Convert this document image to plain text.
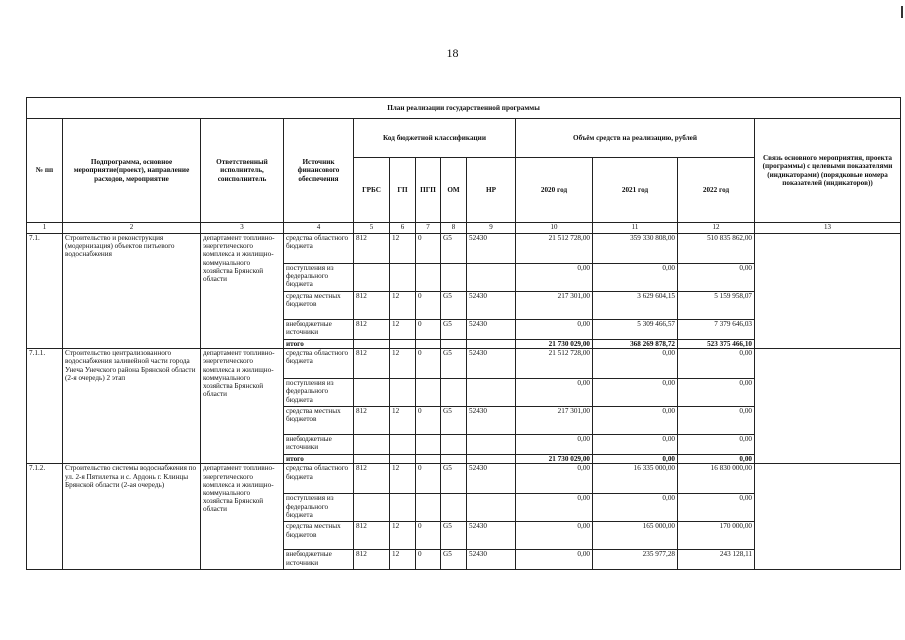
18
План реализации государственной программы												
№ пп	Подпрограмма, основное мероприятие(проект), направление расходов, мероприятие	Ответственный исполнитель, соисполнитель	Источник финансового обеспечения	Код бюджетной классификации					Объём средств на реализацию, рублей			Связь основного мероприятия, проекта (программы) с целевыми показателями (индикаторами) (порядковые номера показателей (индикаторов))
				ГРБС	ГП	ПГП	ОМ	НР	2020 год	2021 год	2022 год	
1	2	3	4	5	6	7	8	9	10	11	12	13
7.1.	Строительство и реконструкция (модернизация) объектов питьевого водоснабжения	департамент топливно-энергетического комплекса и жилищно-коммунального хозяйства Брянской области	средства областного бюджета	812	12	0	G5	52430	21 512 728,00	359 330 808,00	510 835 862,00	
			поступления из федерального бюджета						0,00	0,00	0,00	
			средства местных бюджетов	812	12	0	G5	52430	217 301,00	3 629 604,15	5 159 958,07	
			внебюджетные источники	812	12	0	G5	52430	0,00	5 309 466,57	7 379 646,03	
			итого						21 730 029,00	368 269 878,72	523 375 466,10	
7.1.1.	Строительство централизованного водоснабжения заливейной части города Унеча Унечского района Брянской области (2-я очередь) 2 этап	департамент топливно-энергетического комплекса и жилищно-коммунального хозяйства Брянской области	средства областного бюджета	812	12	0	G5	52430	21 512 728,00	0,00	0,00	
			поступления из федерального бюджета						0,00	0,00	0,00	
			средства местных бюджетов	812	12	0	G5	52430	217 301,00	0,00	0,00	
			внебюджетные источники						0,00	0,00	0,00	
			итого						21 730 029,00	0,00	0,00	
7.1.2.	Строительство системы водоснабжения по ул. 2-я Пятилетка и с. Ардонь г. Клинцы Брянской области (2-ая очередь)	департамент топливно-энергетического комплекса и жилищно-коммунального хозяйства Брянской области	средства областного бюджета	812	12	0	G5	52430	0,00	16 335 000,00	16 830 000,00	
			поступления из федерального бюджета						0,00	0,00	0,00	
			средства местных бюджетов	812	12	0	G5	52430	0,00	165 000,00	170 000,00	
			внебюджетные источники	812	12	0	G5	52430	0,00	235 977,28	243 128,11	
